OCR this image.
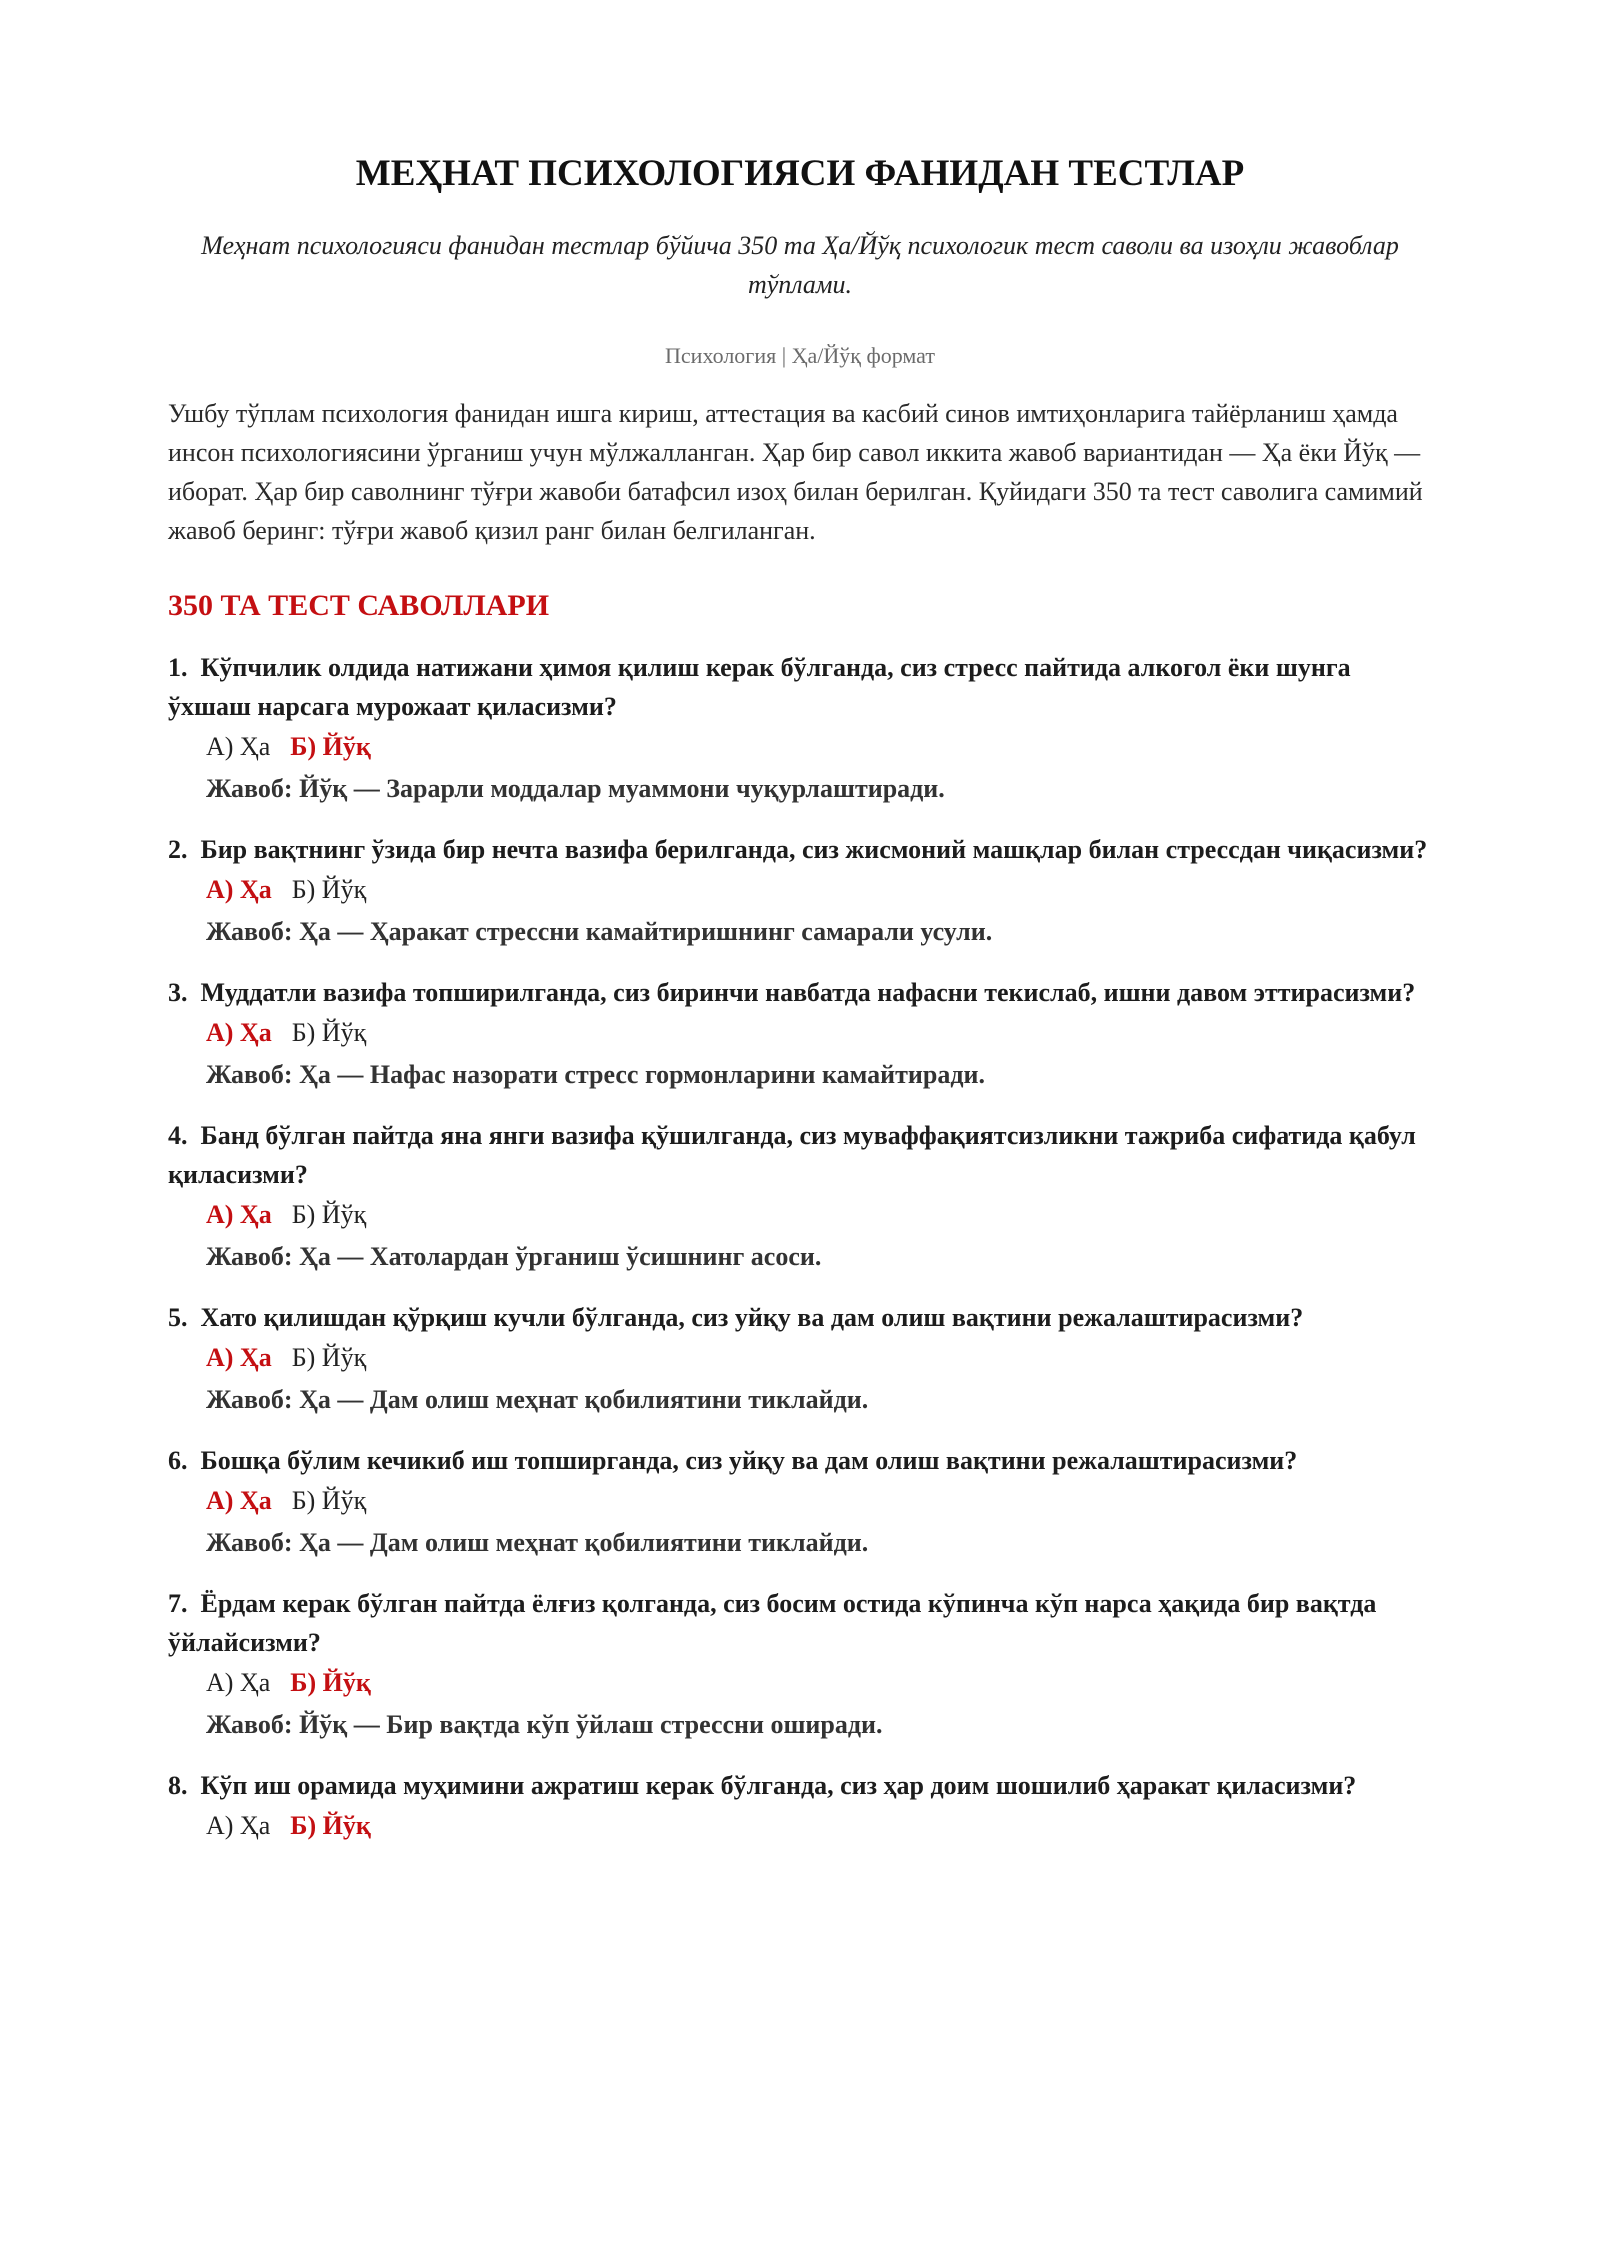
МЕҲНАТ ПСИХОЛОГИЯСИ ФАНИДАН ТЕСТЛАР
Меҳнат психологияси фанидан тестлар бўйича 350 та Ҳа/Йўқ психологик тест саволи ва изоҳли жавоблар тўплами.
Психология | Ҳа/Йўқ формат
Ушбу тўплам психология фанидан ишга кириш, аттестация ва касбий синов имтиҳонларига тайёрланиш ҳамда инсон психологиясини ўрганиш учун мўлжалланган. Ҳар бир савол иккита жавоб вариантидан — Ҳа ёки Йўқ — иборат. Ҳар бир саволнинг тўғри жавоби батафсил изоҳ билан берилган. Қуйидаги 350 та тест саволига самимий жавоб беринг: тўғри жавоб қизил ранг билан белгиланган.
350 ТА ТЕСТ САВОЛЛАРИ
1. Кўпчилик олдида натижани ҳимоя қилиш керак бўлганда, сиз стресс пайтида алкогол ёки шунга ўхшаш нарсага мурожаат қиласизми?
А) Ҳа Б) Йўқ
Жавоб: Йўқ — Зарарли моддалар муаммони чуқурлаштиради.
2. Бир вақтнинг ўзида бир нечта вазифа берилганда, сиз жисмоний машқлар билан стрессдан чиқасизми?
А) Ҳа Б) Йўқ
Жавоб: Ҳа — Ҳаракат стрессни камайтиришнинг самарали усули.
3. Муддатли вазифа топширилганда, сиз биринчи навбатда нафасни текислаб, ишни давом эттирасизми?
А) Ҳа Б) Йўқ
Жавоб: Ҳа — Нафас назорати стресс гормонларини камайтиради.
4. Банд бўлган пайтда яна янги вазифа қўшилганда, сиз муваффақиятсизликни тажриба сифатида қабул қиласизми?
А) Ҳа Б) Йўқ
Жавоб: Ҳа — Хатолардан ўрганиш ўсишнинг асоси.
5. Хато қилишдан қўрқиш кучли бўлганда, сиз уйқу ва дам олиш вақтини режалаштирасизми?
А) Ҳа Б) Йўқ
Жавоб: Ҳа — Дам олиш меҳнат қобилиятини тиклайди.
6. Бошқа бўлим кечикиб иш топширганда, сиз уйқу ва дам олиш вақтини режалаштирасизми?
А) Ҳа Б) Йўқ
Жавоб: Ҳа — Дам олиш меҳнат қобилиятини тиклайди.
7. Ёрдам керак бўлган пайтда ёлғиз қолганда, сиз босим остида кўпинча кўп нарса ҳақида бир вақтда ўйлайсизми?
А) Ҳа Б) Йўқ
Жавоб: Йўқ — Бир вақтда кўп ўйлаш стрессни оширади.
8. Кўп иш орамида муҳимини ажратиш керак бўлганда, сиз ҳар доим шошилиб ҳаракат қиласизми?
А) Ҳа Б) Йўқ
